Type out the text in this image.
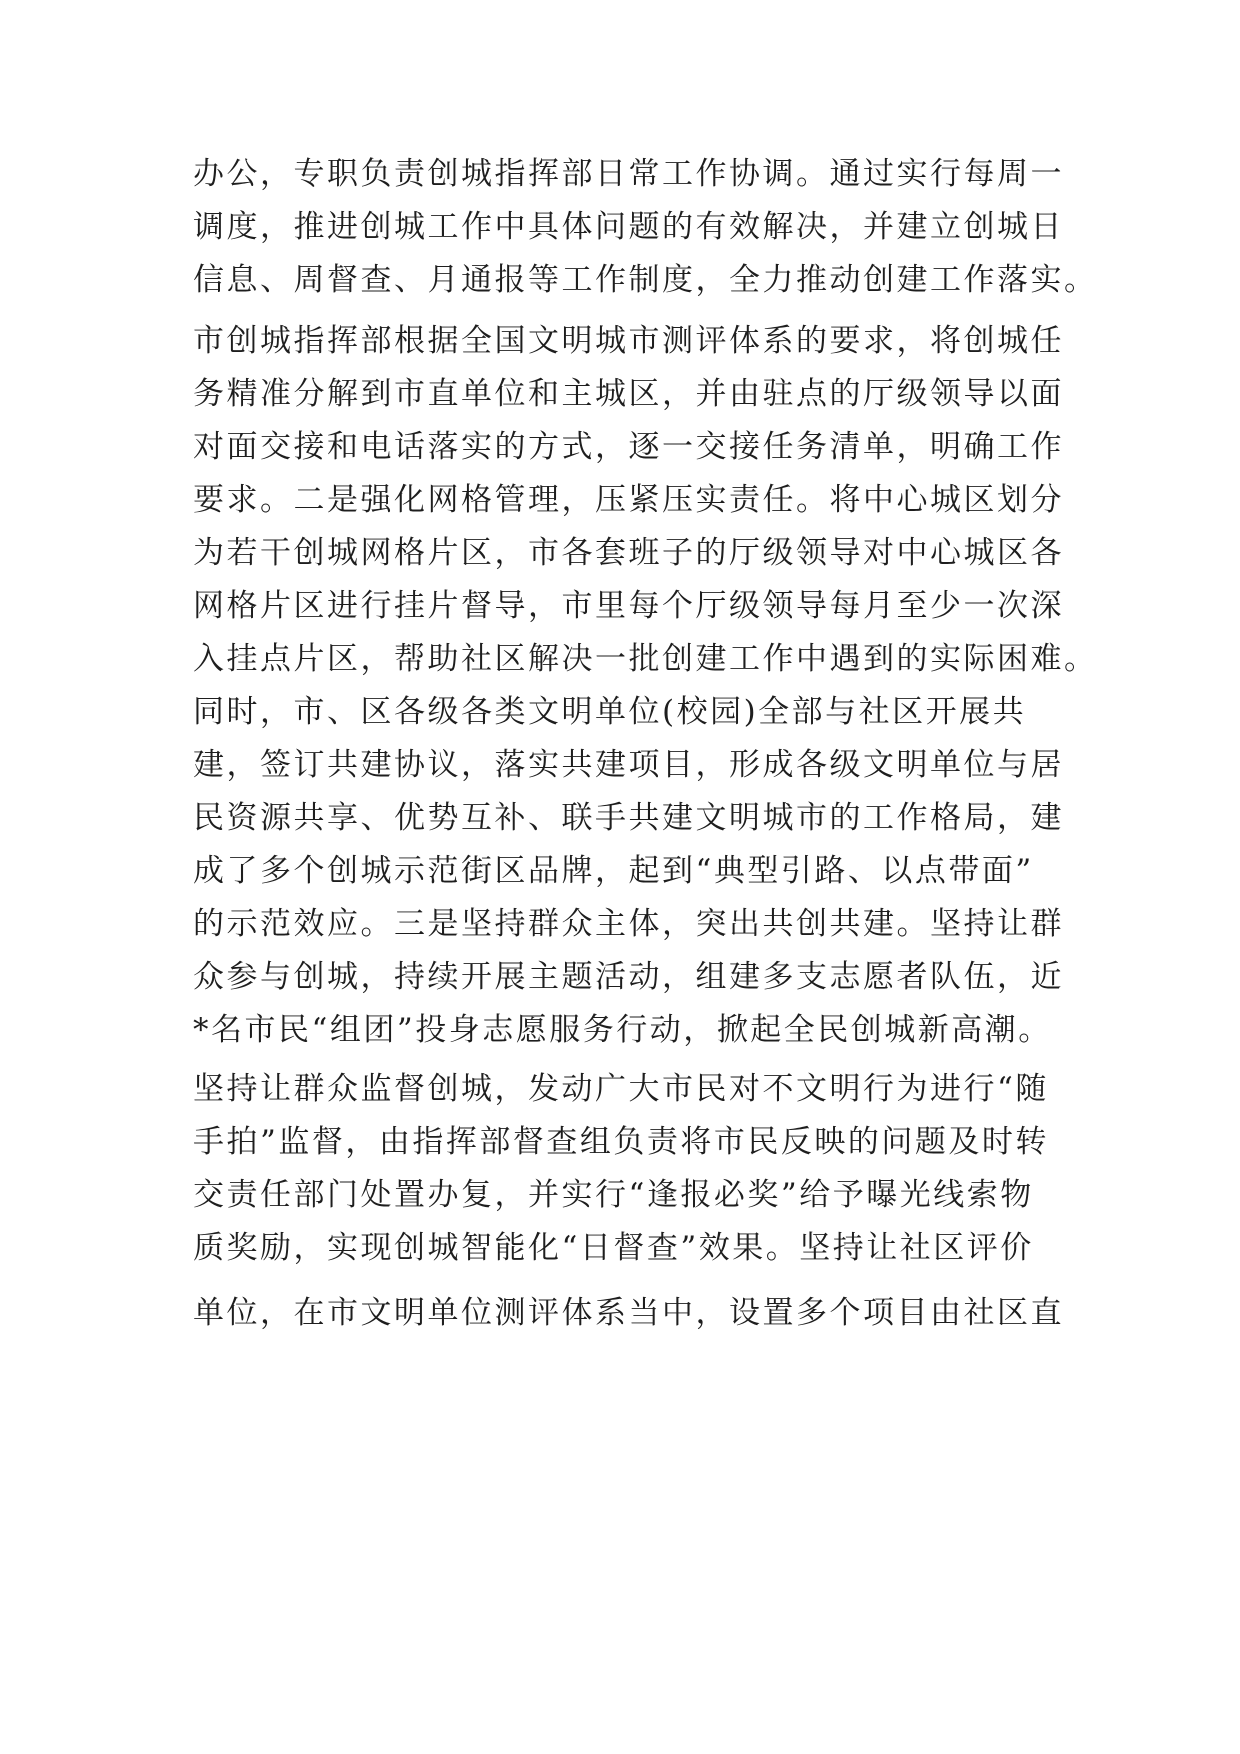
办公，专职负责创城指挥部日常工作协调。通过实行每周一
调度，推进创城工作中具体问题的有效解决，并建立创城日
信息、周督查、月通报等工作制度，全力推动创建工作落实。
市创城指挥部根据全国文明城市测评体系的要求，将创城任
务精准分解到市直单位和主城区，并由驻点的厅级领导以面
对面交接和电话落实的方式，逐一交接任务清单，明确工作
要求。二是强化网格管理，压紧压实责任。将中心城区划分
为若干创城网格片区，市各套班子的厅级领导对中心城区各
网格片区进行挂片督导，市里每个厅级领导每月至少一次深
入挂点片区，帮助社区解决一批创建工作中遇到的实际困难。
同时，市、区各级各类文明单位(校园)全部与社区开展共
建，签订共建协议，落实共建项目，形成各级文明单位与居
民资源共享、优势互补、联手共建文明城市的工作格局，建
成了多个创城示范街区品牌，起到“典型引路、以点带面”
的示范效应。三是坚持群众主体，突出共创共建。坚持让群
众参与创城，持续开展主题活动，组建多支志愿者队伍，近
*名市民“组团”投身志愿服务行动，掀起全民创城新高潮。
坚持让群众监督创城，发动广大市民对不文明行为进行“随
手拍”监督，由指挥部督查组负责将市民反映的问题及时转
交责任部门处置办复，并实行“逢报必奖”给予曝光线索物
质奖励，实现创城智能化“日督查”效果。坚持让社区评价
单位，在市文明单位测评体系当中，设置多个项目由社区直
